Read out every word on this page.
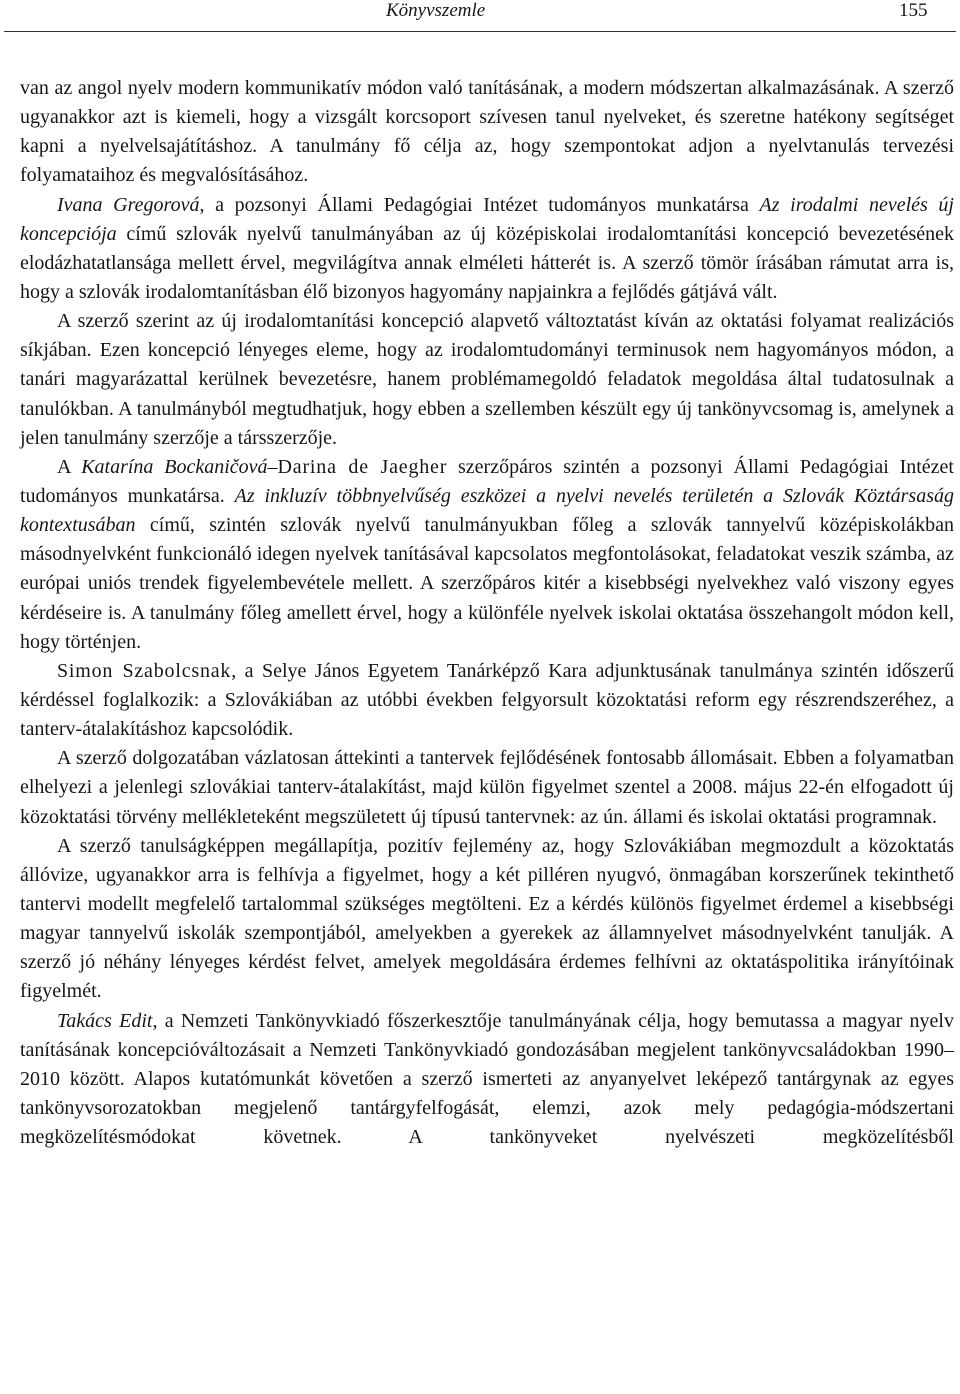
Könyvszemle	155

van az angol nyelv modern kommunikatív módon való tanításának, a modern módszertan alkalmazásának. A szerző ugyanakkor azt is kiemeli, hogy a vizsgált korcsoport szívesen tanul nyelveket, és szeretne hatékony segítséget kapni a nyelvelsajátításhoz. A tanulmány fő célja az, hogy szempontokat adjon a nyelvtanulás tervezési folyamataihoz és megvalósításához.

Ivana Gregorová, a pozsonyi Állami Pedagógiai Intézet tudományos munkatársa Az irodalmi nevelés új koncepciója című szlovák nyelvű tanulmányában az új középiskolai irodalomtanítási koncepció bevezetésének elodázhatatlansága mellett érvel, megvilágítva annak elméleti hátterét is. A szerző tömör írásában rámutat arra is, hogy a szlovák irodalomtanításban élő bizonyos hagyomány napjainkra a fejlődés gátjává vált.

A szerző szerint az új irodalomtanítási koncepció alapvető változtatást kíván az oktatási folyamat realizációs síkjában. Ezen koncepció lényeges eleme, hogy az irodalomtudományi terminusok nem hagyományos módon, a tanári magyarázattal kerülnek bevezetésre, hanem problémamegoldó feladatok megoldása által tudatosulnak a tanulókban. A tanulmányból megtudhatjuk, hogy ebben a szellemben készült egy új tankönyvcsomag is, amelynek a jelen tanulmány szerzője a társszerzője.

A Katarína Bockaničová–Darina de Jaegher szerzőpáros szintén a pozsonyi Állami Pedagógiai Intézet tudományos munkatársa. Az inkluzív többnyelvűség eszközei a nyelvi nevelés területén a Szlovák Köztársaság kontextusában című, szintén szlovák nyelvű tanulmányukban főleg a szlovák tannyelvű középiskolákban másodnyelvként funkcionáló idegen nyelvek tanításával kapcsolatos megfontolásokat, feladatokat veszik számba, az európai uniós trendek figyelembevétele mellett. A szerzőpáros kitér a kisebbségi nyelvekhez való viszony egyes kérdéseire is. A tanulmány főleg amellett érvel, hogy a különféle nyelvek iskolai oktatása összehangolt módon kell, hogy történjen.

Simon Szabolcsnak, a Selye János Egyetem Tanárképző Kara adjunktusának tanulmánya szintén időszerű kérdéssel foglalkozik: a Szlovákiában az utóbbi években felgyorsult közoktatási reform egy részrendszeréhez, a tanterv-átalakításhoz kapcsolódik.

A szerző dolgozatában vázlatosan áttekinti a tantervek fejlődésének fontosabb állomásait. Ebben a folyamatban elhelyezi a jelenlegi szlovákiai tanterv-átalakítást, majd külön figyelmet szentel a 2008. május 22-én elfogadott új közoktatási törvény mellékleteként megszületett új típusú tantervnek: az ún. állami és iskolai oktatási programnak.

A szerző tanulságképpen megállapítja, pozitív fejlemény az, hogy Szlovákiában megmozdult a közoktatás állóvize, ugyanakkor arra is felhívja a figyelmet, hogy a két pilléren nyugvó, önmagában korszerűnek tekinthető tantervi modellt megfelelő tartalommal szükséges megtölteni. Ez a kérdés különös figyelmet érdemel a kisebbségi magyar tannyelvű iskolák szempontjából, amelyekben a gyerekek az államnyelvet másodnyelvként tanulják. A szerző jó néhány lényeges kérdést felvet, amelyek megoldására érdemes felhívni az oktatáspolitika irányítóinak figyelmét.

Takács Edit, a Nemzeti Tankönyvkiadó főszerkesztője tanulmányának célja, hogy bemutassa a magyar nyelv tanításának koncepcióváltozásait a Nemzeti Tankönyvkiadó gondozásában megjelent tankönyvcsaládokban 1990–2010 között. Alapos kutatómunkát követően a szerző ismerteti az anyanyelvet leképező tantárgynak az egyes tankönyvsorozatokban megjelenő tantárgyfelfogását, elemzi, azok mely pedagógia-módszertani megközelítésmódokat követnek. A tankönyveket nyelvészeti megközelítésből
